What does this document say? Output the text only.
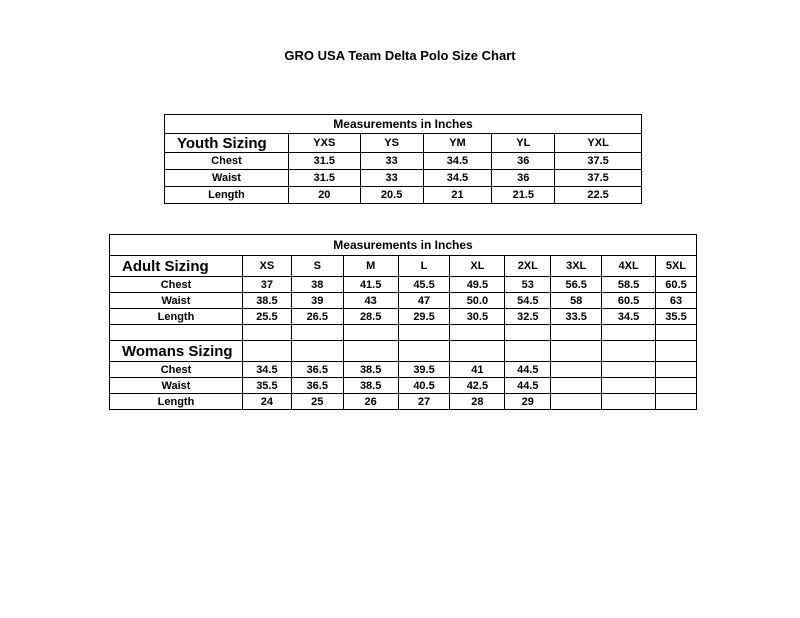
GRO USA Team Delta Polo Size Chart
Measurements in Inches					
Youth Sizing	YXS	YS	YM	YL	YXL
Chest	31.5	33	34.5	36	37.5
Waist	31.5	33	34.5	36	37.5
Length	20	20.5	21	21.5	22.5
Measurements in Inches									
Adult Sizing	XS	S	M	L	XL	2XL	3XL	4XL	5XL
Chest	37	38	41.5	45.5	49.5	53	56.5	58.5	60.5
Waist	38.5	39	43	47	50.0	54.5	58	60.5	63
Length	25.5	26.5	28.5	29.5	30.5	32.5	33.5	34.5	35.5

Womans Sizing									
Chest	34.5	36.5	38.5	39.5	41	44.5			
Waist	35.5	36.5	38.5	40.5	42.5	44.5			
Length	24	25	26	27	28	29			
